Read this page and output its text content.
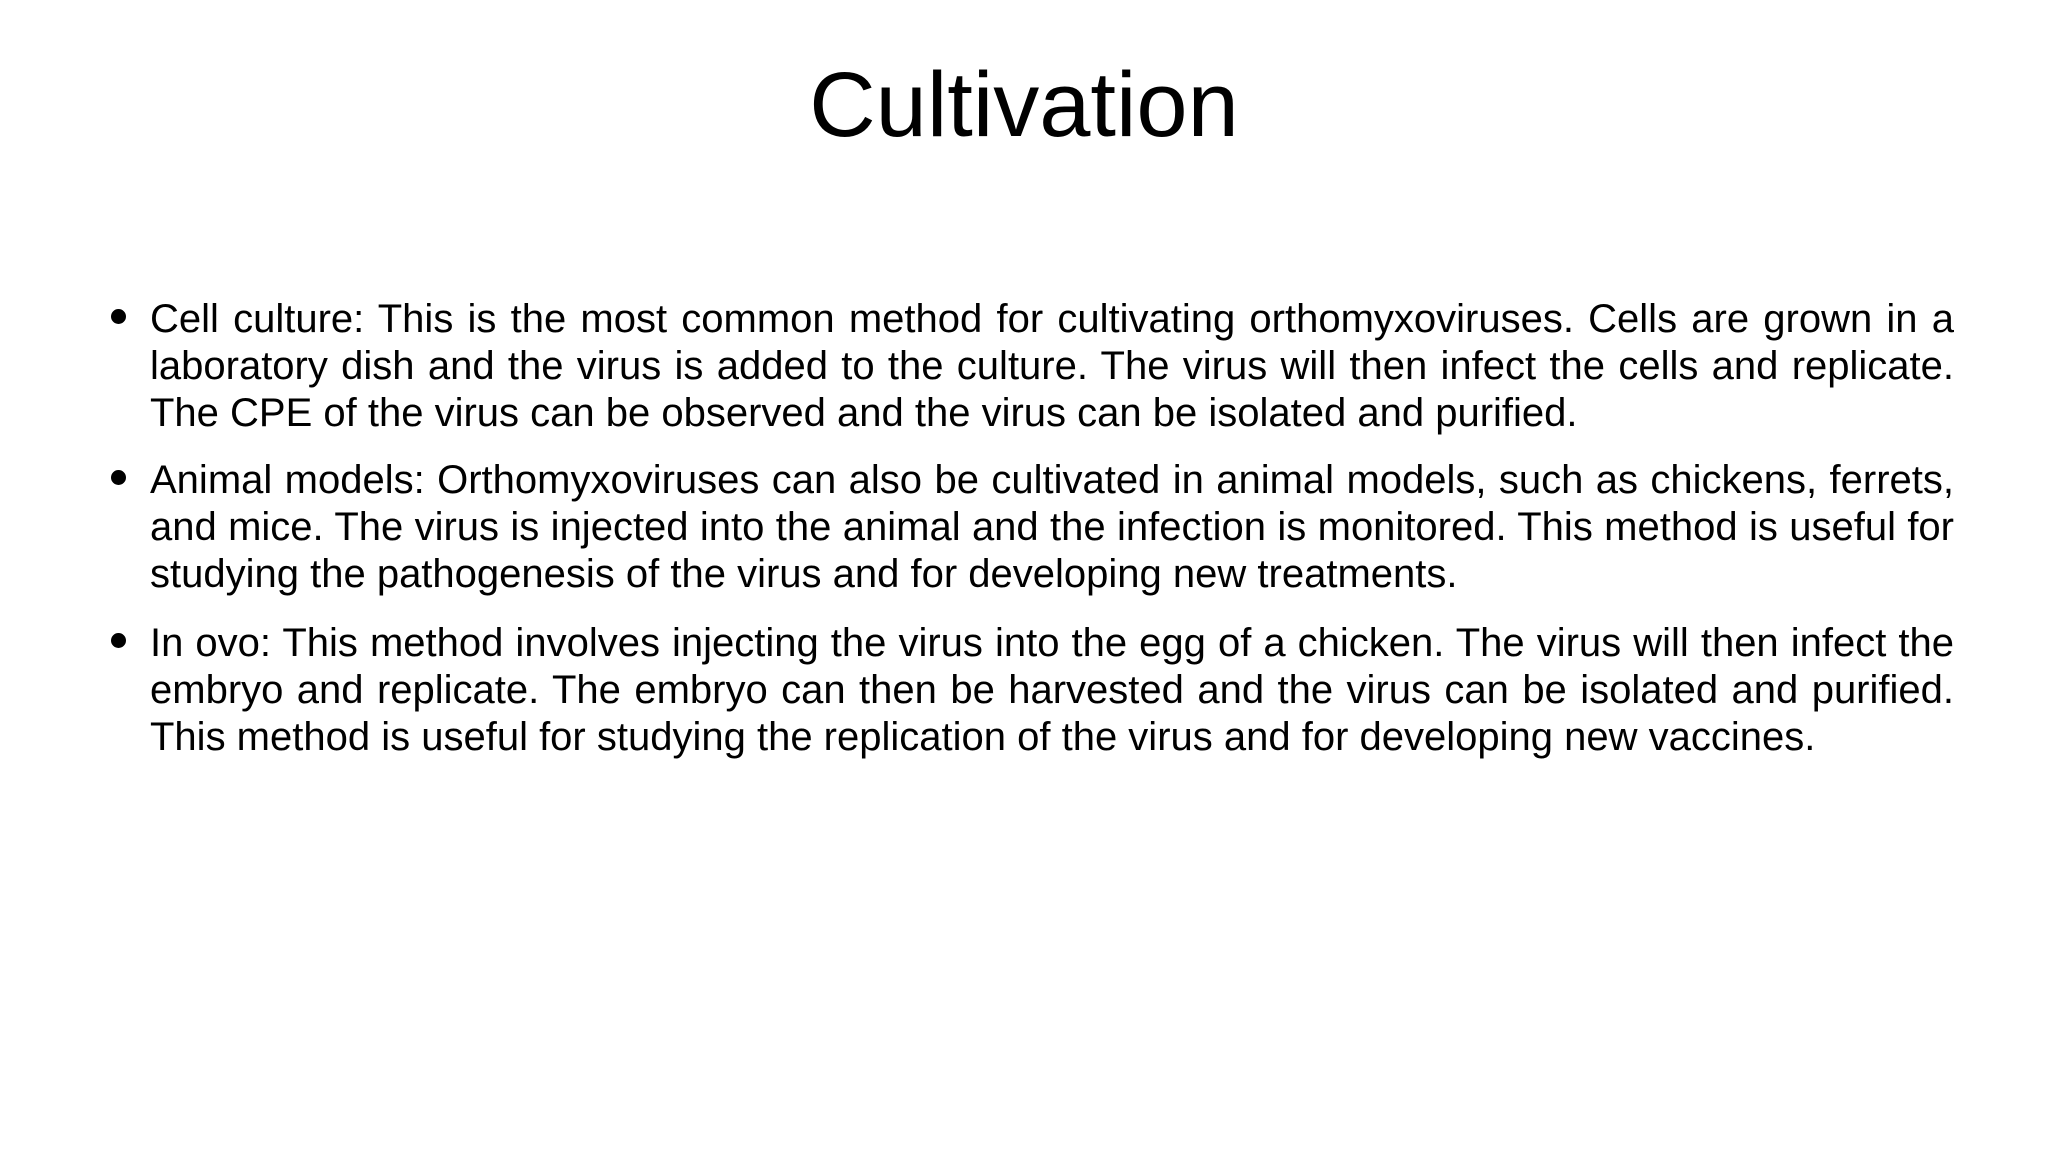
Cultivation
Cell culture: This is the most common method for cultivating orthomyxoviruses. Cells are grown in a laboratory dish and the virus is added to the culture. The virus will then infect the cells and replicate. The CPE of the virus can be observed and the virus can be isolated and purified.
Animal models: Orthomyxoviruses can also be cultivated in animal models, such as chickens, ferrets, and mice. The virus is injected into the animal and the infection is monitored. This method is useful for studying the pathogenesis of the virus and for developing new treatments.
In ovo: This method involves injecting the virus into the egg of a chicken. The virus will then infect the embryo and replicate. The embryo can then be harvested and the virus can be isolated and purified. This method is useful for studying the replication of the virus and for developing new vaccines.
